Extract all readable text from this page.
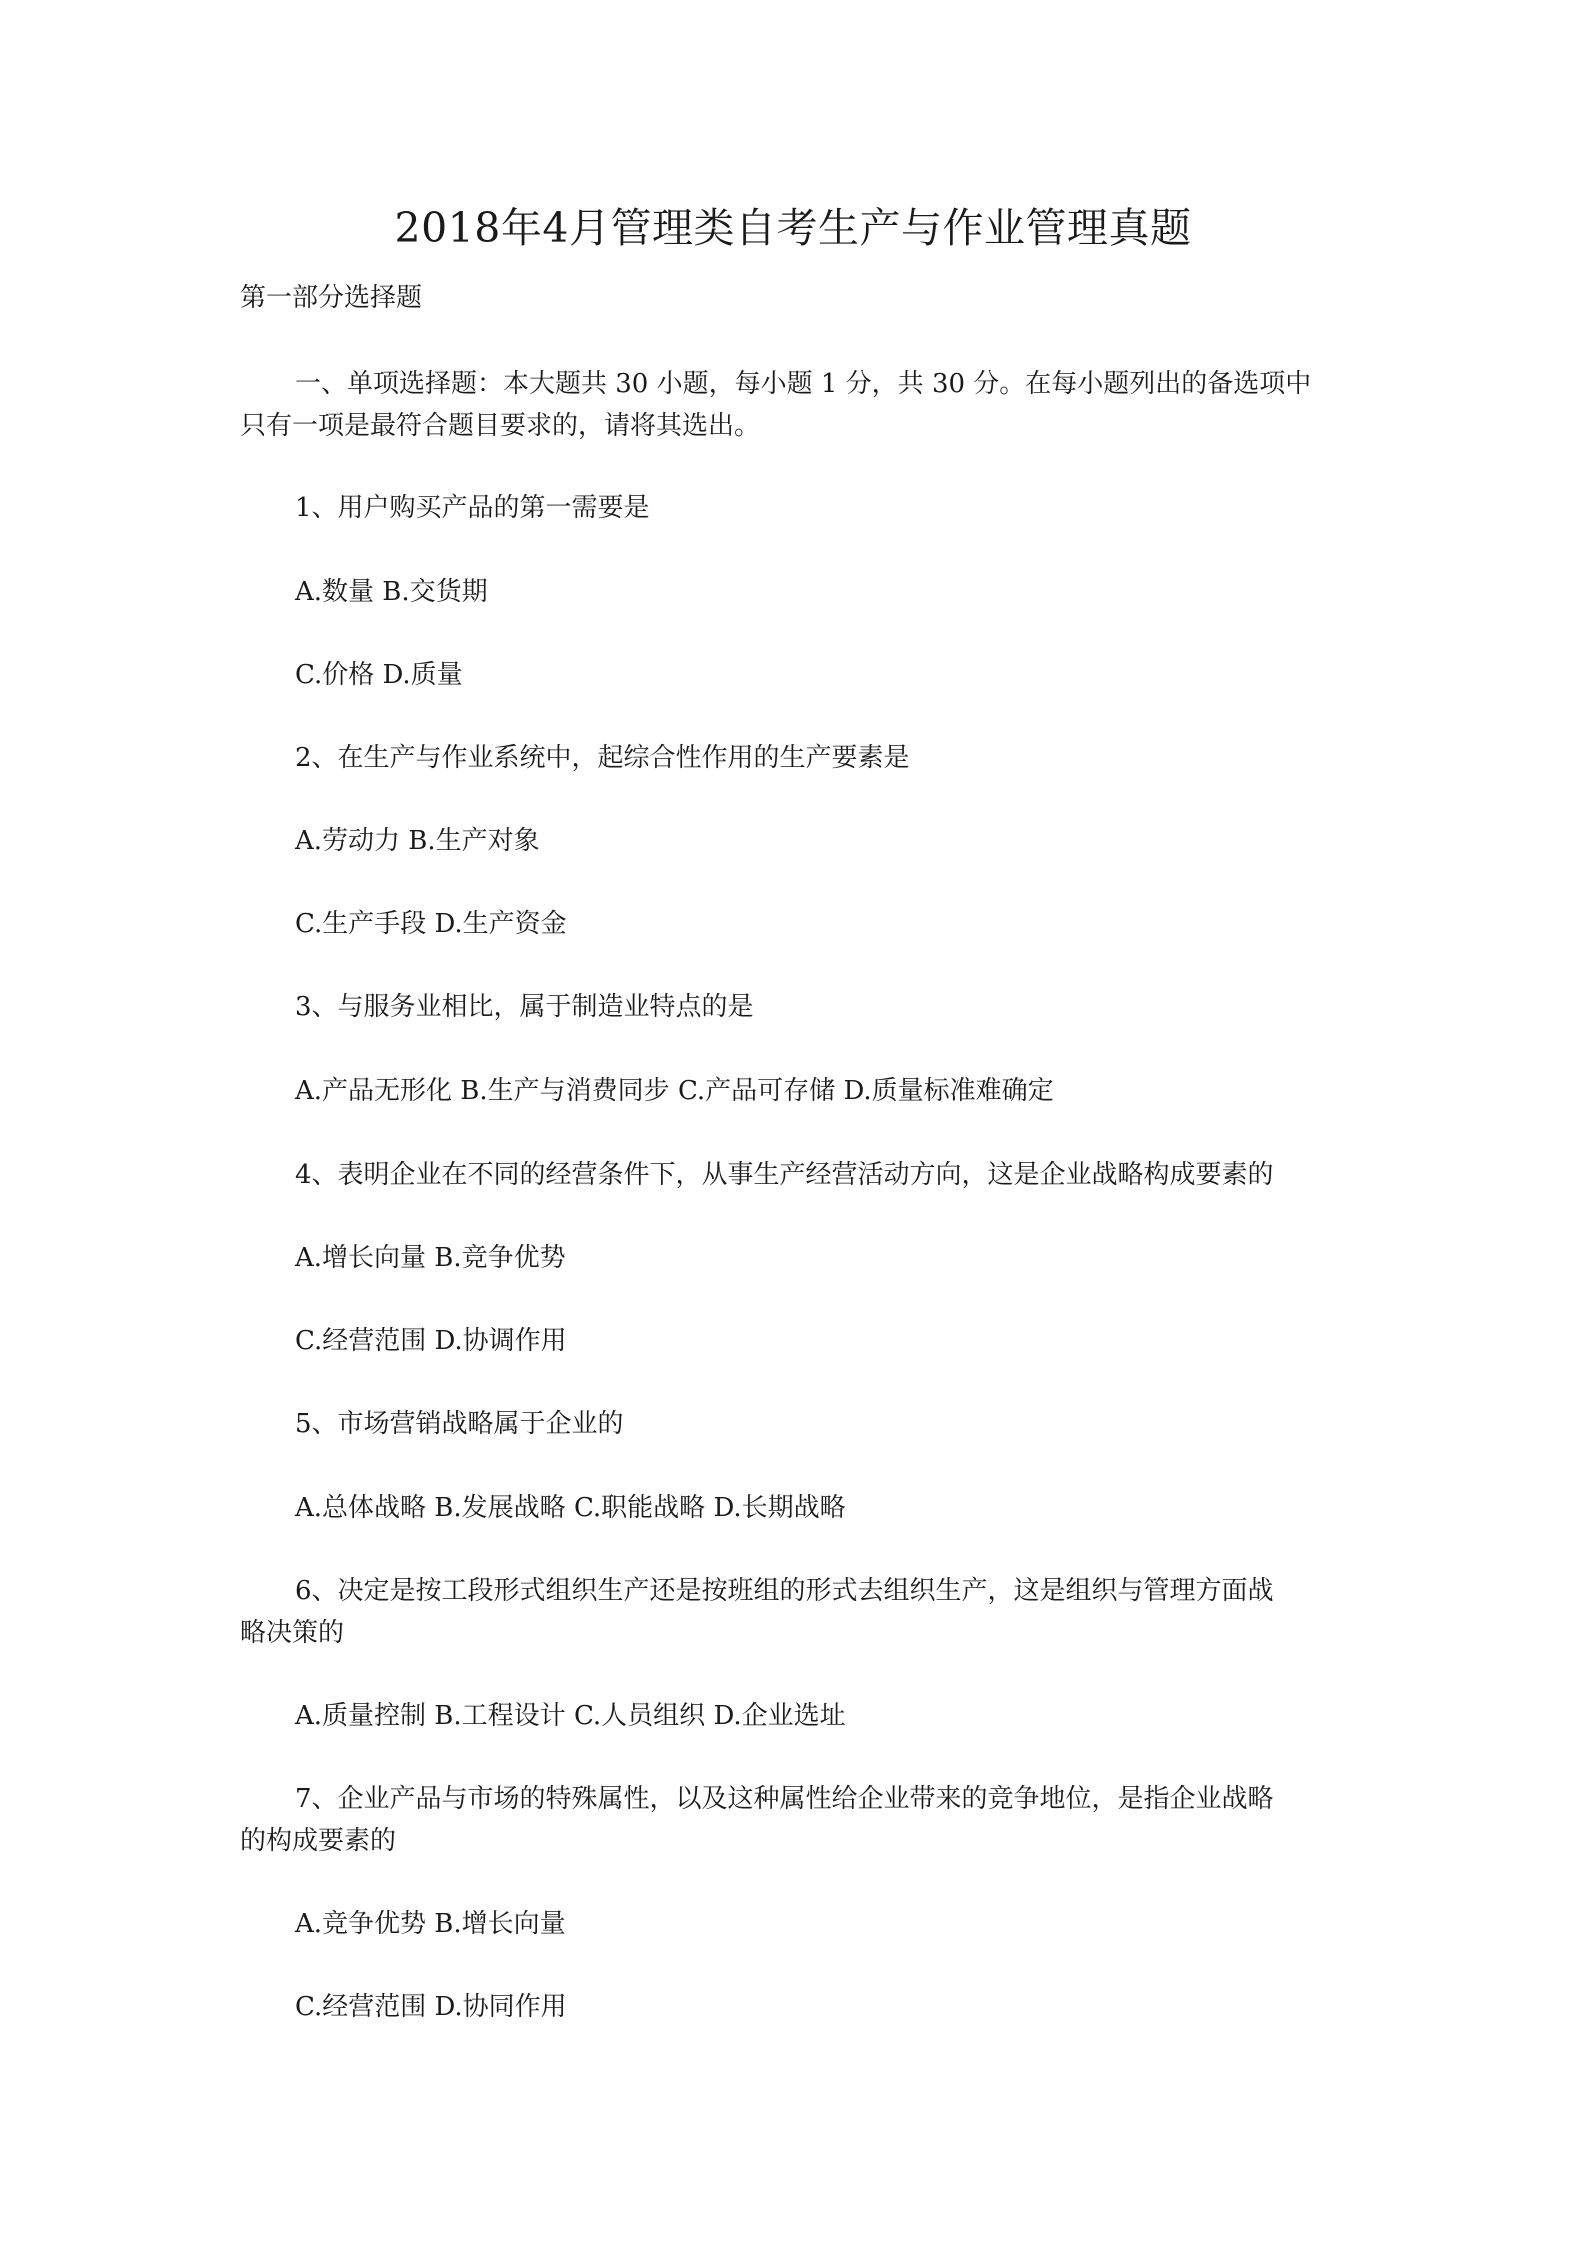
2018年4月管理类自考生产与作业管理真题
第一部分选择题
一、单项选择题：本大题共 30 小题，每小题 1 分，共 30 分。在每小题列出的备选项中
只有一项是最符合题目要求的，请将其选出。
1、用户购买产品的第一需要是
A.数量 B.交货期
C.价格 D.质量
2、在生产与作业系统中，起综合性作用的生产要素是
A.劳动力 B.生产对象
C.生产手段 D.生产资金
3、与服务业相比，属于制造业特点的是
A.产品无形化 B.生产与消费同步 C.产品可存储 D.质量标准难确定
4、表明企业在不同的经营条件下，从事生产经营活动方向，这是企业战略构成要素的
A.增长向量 B.竞争优势
C.经营范围 D.协调作用
5、市场营销战略属于企业的
A.总体战略 B.发展战略 C.职能战略 D.长期战略
6、决定是按工段形式组织生产还是按班组的形式去组织生产，这是组织与管理方面战
略决策的
A.质量控制 B.工程设计 C.人员组织 D.企业选址
7、企业产品与市场的特殊属性，以及这种属性给企业带来的竞争地位，是指企业战略
的构成要素的
A.竞争优势 B.增长向量
C.经营范围 D.协同作用
